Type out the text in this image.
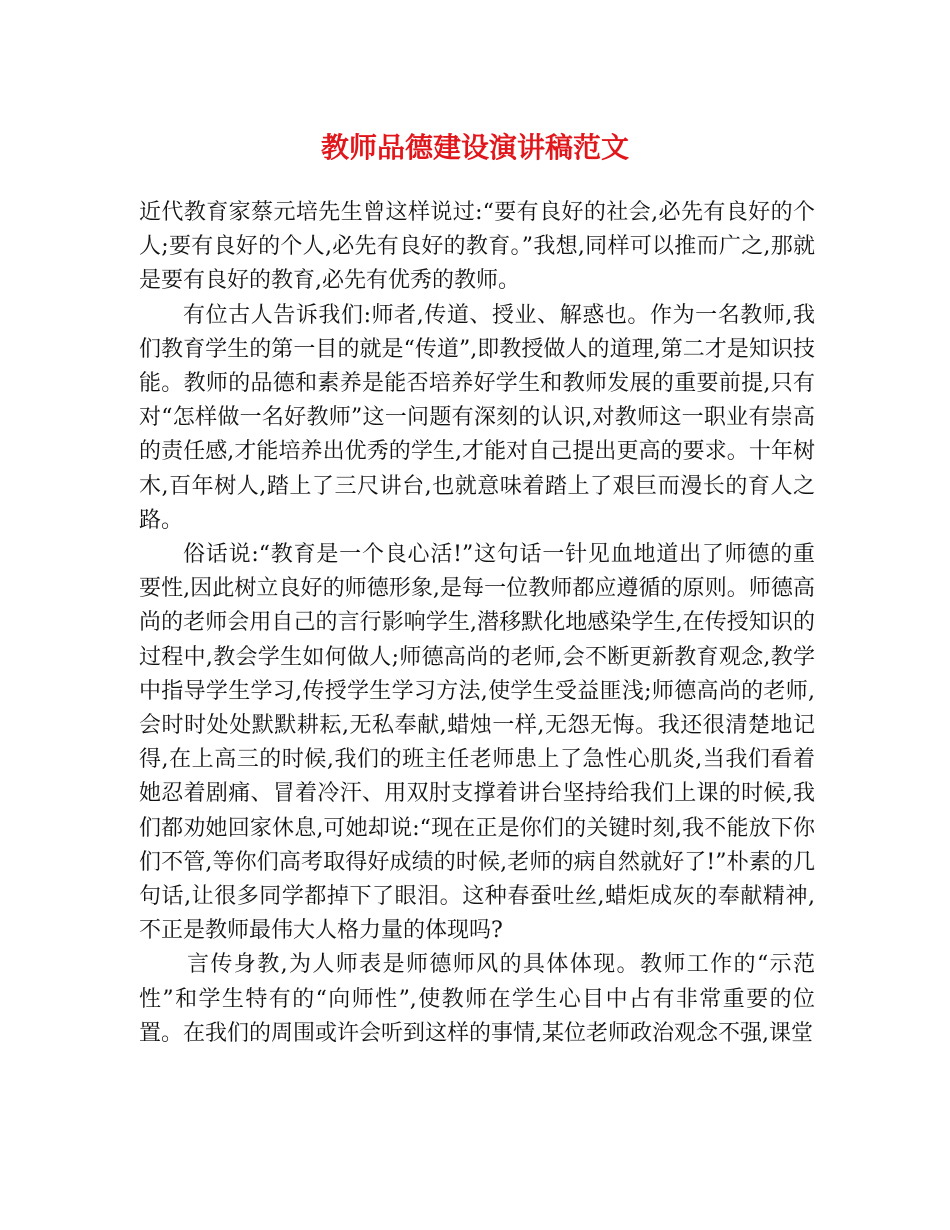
教师品德建设演讲稿范文

近代教育家蔡元培先生曾这样说过:“要有良好的社会,必先有良好的个人;要有良好的个人,必先有良好的教育。”我想,同样可以推而广之,那就是要有良好的教育,必先有优秀的教师。

有位古人告诉我们:师者,传道、授业、解惑也。作为一名教师,我们教育学生的第一目的就是“传道”,即教授做人的道理,第二才是知识技能。教师的品德和素养是能否培养好学生和教师发展的重要前提,只有对“怎样做一名好教师”这一问题有深刻的认识,对教师这一职业有崇高的责任感,才能培养出优秀的学生,才能对自己提出更高的要求。十年树木,百年树人,踏上了三尺讲台,也就意味着踏上了艰巨而漫长的育人之路。

俗话说:“教育是一个良心活!”这句话一针见血地道出了师德的重要性,因此树立良好的师德形象,是每一位教师都应遵循的原则。师德高尚的老师会用自己的言行影响学生,潜移默化地感染学生,在传授知识的过程中,教会学生如何做人;师德高尚的老师,会不断更新教育观念,教学中指导学生学习,传授学生学习方法,使学生受益匪浅;师德高尚的老师,会时时处处默默耕耘,无私奉献,蜡烛一样,无怨无悔。我还很清楚地记得,在上高三的时候,我们的班主任老师患上了急性心肌炎,当我们看着她忍着剧痛、冒着冷汗、用双肘支撑着讲台坚持给我们上课的时候,我们都劝她回家休息,可她却说:“现在正是你们的关键时刻,我不能放下你们不管,等你们高考取得好成绩的时候,老师的病自然就好了!”朴素的几句话,让很多同学都掉下了眼泪。这种春蚕吐丝,蜡炬成灰的奉献精神,不正是教师最伟大人格力量的体现吗?

言传身教,为人师表是师德师风的具体体现。教师工作的“示范性”和学生特有的“向师性”,使教师在学生心目中占有非常重要的位置。在我们的周围或许会听到这样的事情,某位老师政治观念不强,课堂
